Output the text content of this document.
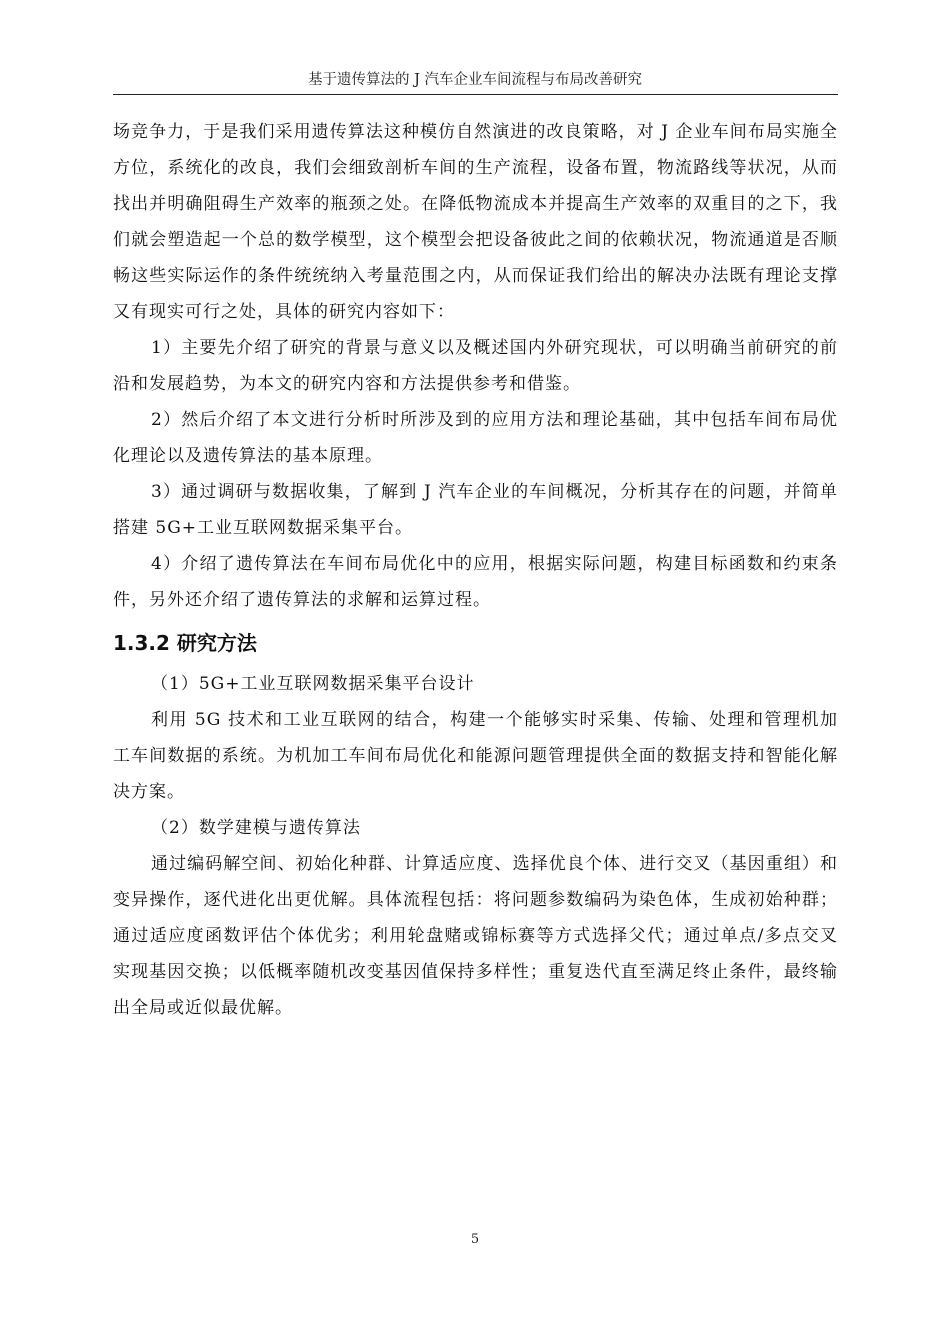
基于遗传算法的 J 汽车企业车间流程与布局改善研究

场竞争力，于是我们采用遗传算法这种模仿自然演进的改良策略，对 J 企业车间布局实施全方位，系统化的改良，我们会细致剖析车间的生产流程，设备布置，物流路线等状况，从而找出并明确阻碍生产效率的瓶颈之处。在降低物流成本并提高生产效率的双重目的之下，我们就会塑造起一个总的数学模型，这个模型会把设备彼此之间的依赖状况，物流通道是否顺畅这些实际运作的条件统统纳入考量范围之内，从而保证我们给出的解决办法既有理论支撑又有现实可行之处，具体的研究内容如下：

1）主要先介绍了研究的背景与意义以及概述国内外研究现状，可以明确当前研究的前沿和发展趋势，为本文的研究内容和方法提供参考和借鉴。

2）然后介绍了本文进行分析时所涉及到的应用方法和理论基础，其中包括车间布局优化理论以及遗传算法的基本原理。

3）通过调研与数据收集，了解到 J 汽车企业的车间概况，分析其存在的问题，并简单搭建 5G+工业互联网数据采集平台。

4）介绍了遗传算法在车间布局优化中的应用，根据实际问题，构建目标函数和约束条件，另外还介绍了遗传算法的求解和运算过程。

1.3.2 研究方法

（1）5G+工业互联网数据采集平台设计

利用 5G 技术和工业互联网的结合，构建一个能够实时采集、传输、处理和管理机加工车间数据的系统。为机加工车间布局优化和能源问题管理提供全面的数据支持和智能化解决方案。

（2）数学建模与遗传算法

通过编码解空间、初始化种群、计算适应度、选择优良个体、进行交叉（基因重组）和变异操作，逐代进化出更优解。具体流程包括：将问题参数编码为染色体，生成初始种群；通过适应度函数评估个体优劣；利用轮盘赌或锦标赛等方式选择父代；通过单点/多点交叉实现基因交换；以低概率随机改变基因值保持多样性；重复迭代直至满足终止条件，最终输出全局或近似最优解。

5
